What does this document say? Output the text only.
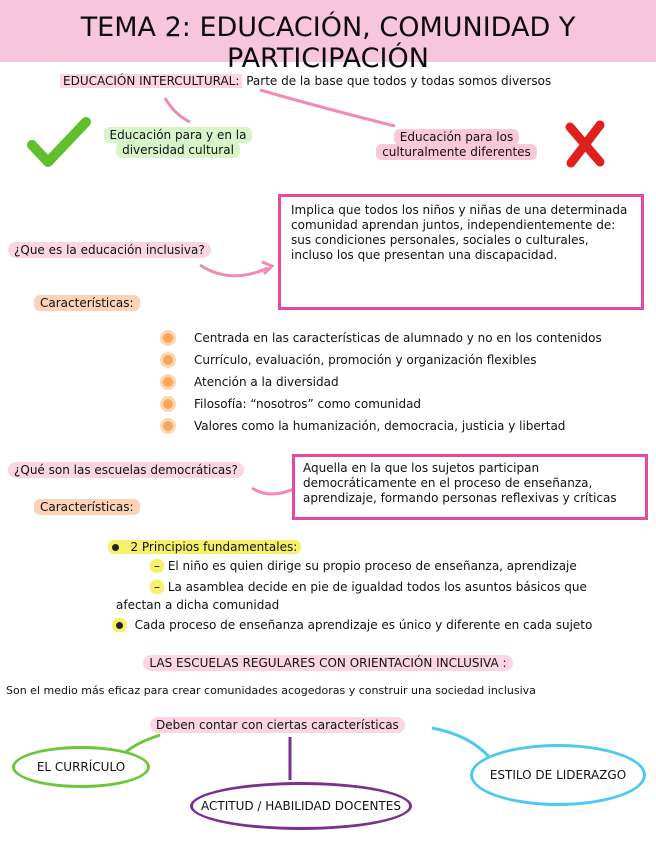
TEMA 2: EDUCACIÓN, COMUNIDAD Y PARTICIPACIÓN
EDUCACIÓN INTERCULTURAL: Parte de la base que todos y todas somos diversos
Educación para y en la
diversidad cultural
Educación para los
culturalmente diferentes
¿Que es la educación inclusiva?
Implica que todos los niños y niñas de una determinada comunidad aprendan juntos, independientemente de: sus condiciones personales, sociales o culturales, incluso los que presentan una discapacidad.
Características:
Centrada en las características de alumnado y no en los contenidos
Currículo, evaluación, promoción y organización flexibles
Atención a la diversidad
Filosofía: “nosotros” como comunidad
Valores como la humanización, democracia, justicia y libertad
¿Qué son las escuelas democráticas?	Aquella en la que los sujetos participan democráticamente en el proceso de enseñanza, aprendizaje, formando personas reflexivas y críticas
Características:
2 Principios fundamentales:
– El niño es quien dirige su propio proceso de enseñanza, aprendizaje
– La asamblea decide en pie de igualdad todos los asuntos básicos que
afectan a dicha comunidad
Cada proceso de enseñanza aprendizaje es único y diferente en cada sujeto
LAS ESCUELAS REGULARES CON ORIENTACIÓN INCLUSIVA :
Son el medio más eficaz para crear comunidades acogedoras y construir una sociedad inclusiva
Deben contar con ciertas características
EL CURRÍCULO
ACTITUD / HABILIDAD DOCENTES
ESTILO DE LIDERAZGO
